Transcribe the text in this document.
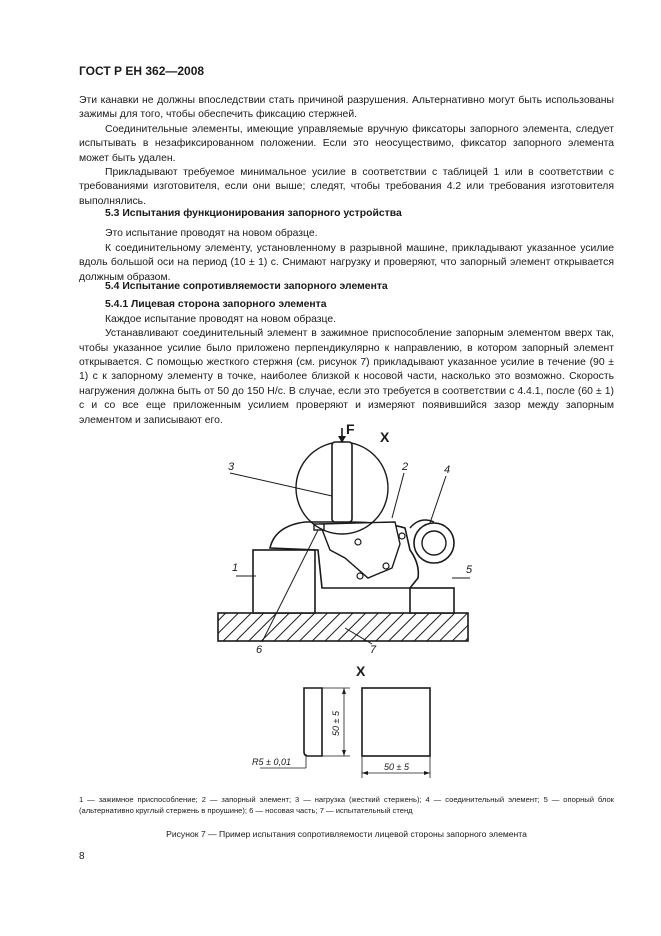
ГОСТ Р ЕН 362—2008

Эти канавки не должны впоследствии стать причиной разрушения. Альтернативно могут быть использованы зажимы для того, чтобы обеспечить фиксацию стержней.

Соединительные элементы, имеющие управляемые вручную фиксаторы запорного элемента, следует испытывать в незафиксированном положении. Если это неосуществимо, фиксатор запорного элемента может быть удален.

Прикладывают требуемое минимальное усилие в соответствии с таблицей 1 или в соответствии с требованиями изготовителя, если они выше; следят, чтобы требования 4.2 или требования изготовителя выполнялись.

5.3 Испытания функционирования запорного устройства

Это испытание проводят на новом образце.

К соединительному элементу, установленному в разрывной машине, прикладывают указанное усилие вдоль большой оси на период (10 ± 1) с. Снимают нагрузку и проверяют, что запорный элемент открывается должным образом.

5.4 Испытание сопротивляемости запорного элемента
5.4.1 Лицевая сторона запорного элемента

Каждое испытание проводят на новом образце.

Устанавливают соединительный элемент в зажимное приспособление запорным элементом вверх так, чтобы указанное усилие было приложено перпендикулярно к направлению, в котором запорный элемент открывается. С помощью жесткого стержня (см. рисунок 7) прикладывают указанное усилие в течение (90 ± 1) с к запорному элементу в точке, наиболее близкой к носовой части, насколько это возможно. Скорость нагружения должна быть от 50 до 150 Н/с. В случае, если это требуется в соответствии с 4.4.1, после (60 ± 1) с и со все еще приложенным усилием проверяют и измеряют появившийся зазор между запорным элементом и записывают его.

F X
3	2	4
1	5
6	7
X
50 ± 5
R5 ± 0,01	50 ± 5
1 — зажимное приспособление; 2 — запорный элемент; 3 — нагрузка (жесткий стержень); 4 — соединительный элемент; 5 — опорный блок (альтернативно круглый стержень в проушине); 6 — носовая часть; 7 — испытательный стенд
Рисунок 7 — Пример испытания сопротивляемости лицевой стороны запорного элемента
8
